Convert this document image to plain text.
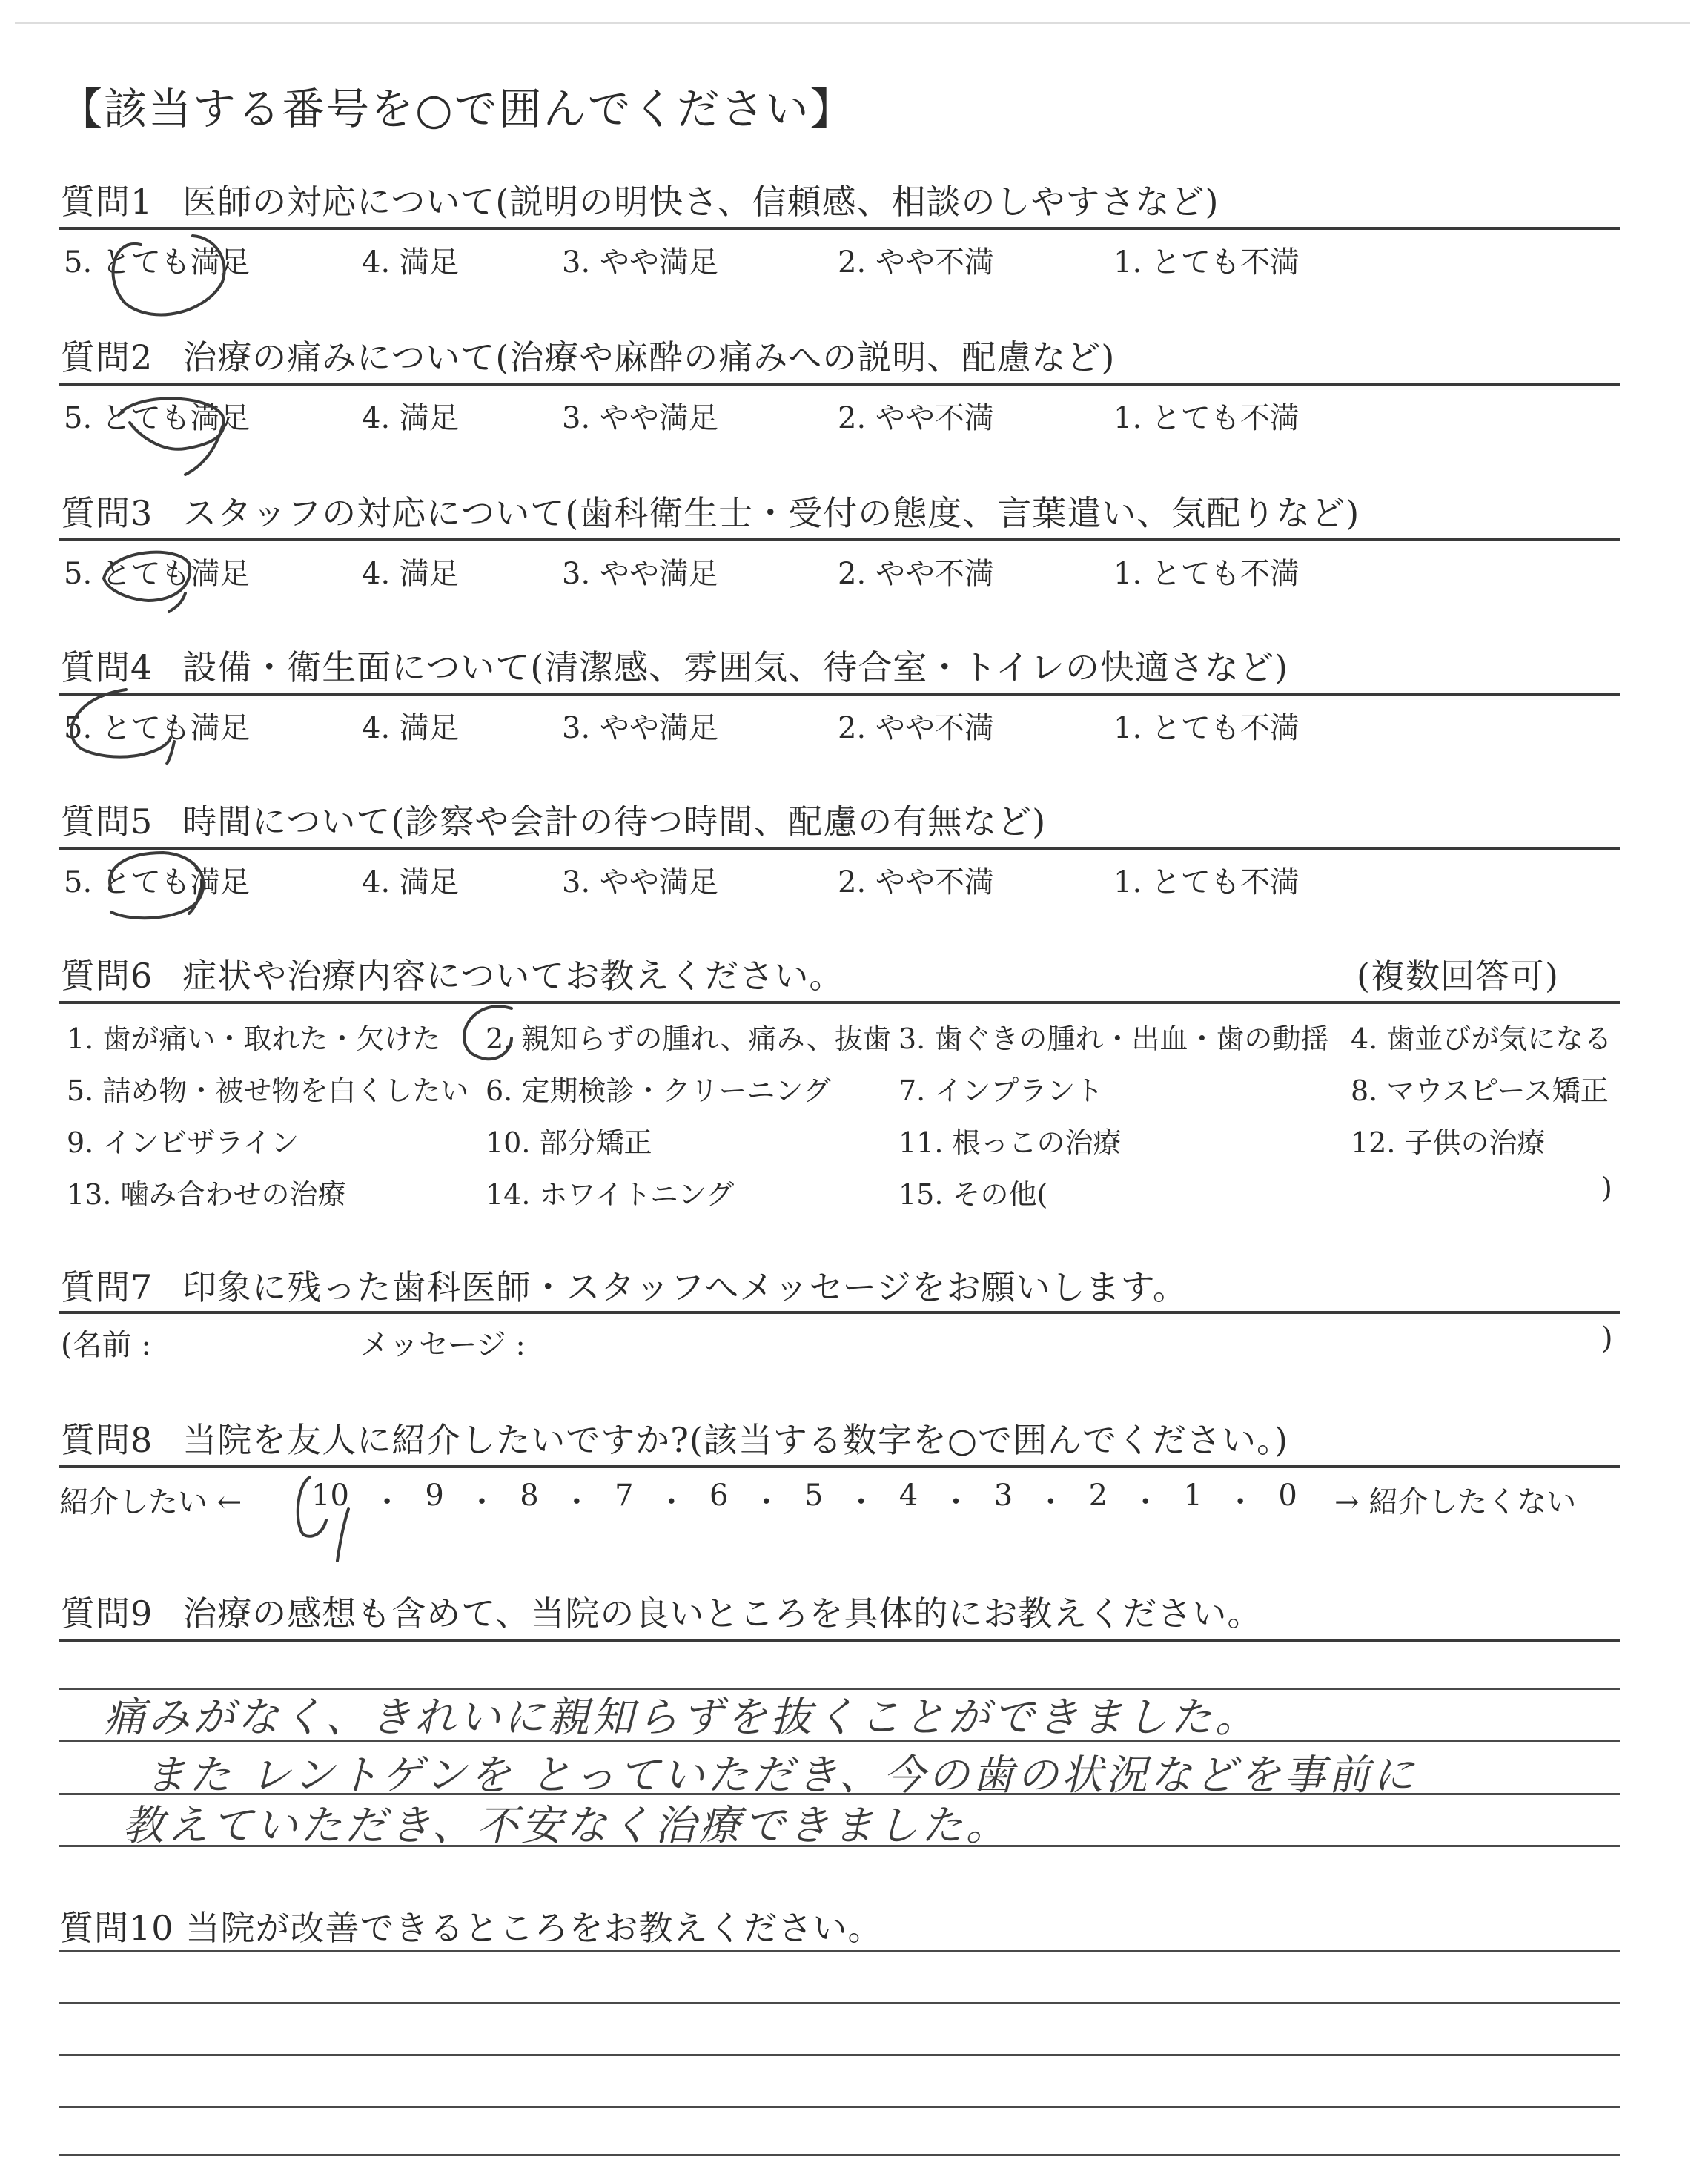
【該当する番号を○で囲んでください】
質問1 医師の対応について(説明の明快さ、信頼感、相談のしやすさなど)
5. とても満足	4. 満足	3. やや満足	2. やや不満	1. とても不満
質問2 治療の痛みについて(治療や麻酔の痛みへの説明、配慮など)
5. とても満足	4. 満足	3. やや満足	2. やや不満	1. とても不満
質問3 スタッフの対応について(歯科衛生士・受付の態度、言葉遣い、気配りなど)
5. とても満足	4. 満足	3. やや満足	2. やや不満	1. とても不満
質問4 設備・衛生面について(清潔感、雰囲気、待合室・トイレの快適さなど)
5. とても満足	4. 満足	3. やや満足	2. やや不満	1. とても不満
質問5 時間について(診察や会計の待つ時間、配慮の有無など)
5. とても満足	4. 満足	3. やや満足	2. やや不満	1. とても不満
質問6 症状や治療内容についてお教えください。	(複数回答可)
1. 歯が痛い・取れた・欠けた 2. 親知らずの腫れ、痛み、抜歯 3. 歯ぐきの腫れ・出血・歯の動揺 4. 歯並びが気になる
5. 詰め物・被せ物を白くしたい 6. 定期検診・クリーニング 7. インプラント	8. マウスピース矯正
9. インビザライン	10. 部分矯正	11. 根っこの治療	12. 子供の治療
13. 噛み合わせの治療	14. ホワイトニング	15. その他(	)
質問7 印象に残った歯科医師・スタッフへメッセージをお願いします。
(名前 :	メッセージ :	)
質問8 当院を友人に紹介したいですか?(該当する数字を○で囲んでください。)
紹介したい ← 10 ・ 9 ・ 8 ・ 7 ・ 6 ・ 5 ・ 4 ・ 3 ・ 2 ・ 1 ・ 0 → 紹介したくない
質問9 治療の感想も含めて、当院の良いところを具体的にお教えください。
痛みがなく、きれいに親知らずを抜くことができました。
また レントゲンを とっていただき、今の歯の状況などを事前に
教えていただき、不安なく治療できました。
質問10 当院が改善できるところをお教えください。
